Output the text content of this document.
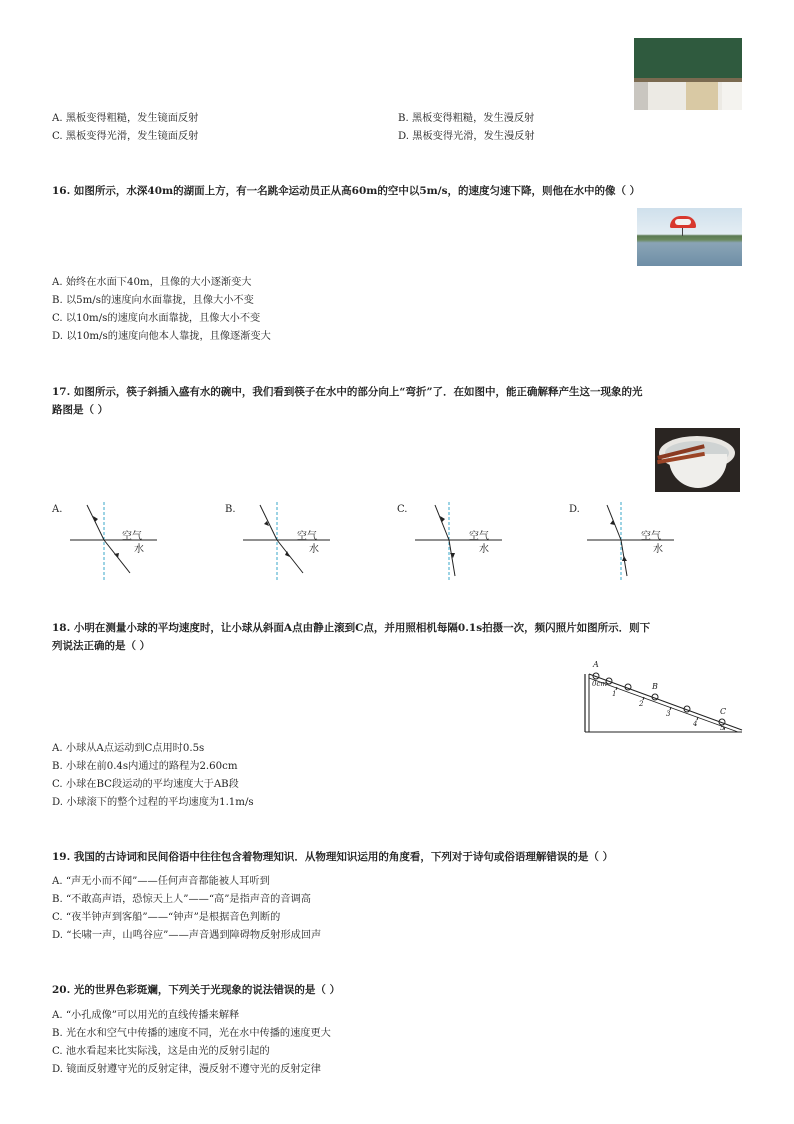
A. 黑板变得粗糙，发生镜面反射	B. 黑板变得粗糙，发生漫反射
C. 黑板变得光滑，发生镜面反射	D. 黑板变得光滑，发生漫反射
16. 如图所示，水深40m的湖面上方，有一名跳伞运动员正从高60m的空中以5m/s，的速度匀速下降，则他在水中的像（ ）
A. 始终在水面下40m，且像的大小逐渐变大
B. 以5m/s的速度向水面靠拢，且像大小不变
C. 以10m/s的速度向水面靠拢，且像大小不变
D. 以10m/s的速度向他本人靠拢，且像逐渐变大
17. 如图所示，筷子斜插入盛有水的碗中，我们看到筷子在水中的部分向上“弯折”了．在如图中，能正确解释产生这一现象的光
路图是（ ）
A.
空气
水
B.
空气
水
C.
空气
水
D.
空气
水
18. 小明在测量小球的平均速度时，让小球从斜面A点由静止滚到C点，并用照相机每隔0.1s拍摄一次，频闪照片如图所示．则下
列说法正确的是（ ）
A
0cm	B
C
1
2
3
4	5
A. 小球从A点运动到C点用时0.5s
B. 小球在前0.4s内通过的路程为2.60cm
C. 小球在BC段运动的平均速度大于AB段
D. 小球滚下的整个过程的平均速度为1.1m/s
19. 我国的古诗词和民间俗语中往往包含着物理知识．从物理知识运用的角度看，下列对于诗句或俗语理解错误的是（ ）
A. “声无小而不闻”——任何声音都能被人耳听到
B. “不敢高声语，恐惊天上人”——“高”是指声音的音调高
C. “夜半钟声到客船”——“钟声”是根据音色判断的
D. “长啸一声，山鸣谷应”——声音遇到障碍物反射形成回声
20. 光的世界色彩斑斓，下列关于光现象的说法错误的是（ ）
A. “小孔成像”可以用光的直线传播来解释
B. 光在水和空气中传播的速度不同，光在水中传播的速度更大
C. 池水看起来比实际浅，这是由光的反射引起的
D. 镜面反射遵守光的反射定律，漫反射不遵守光的反射定律
